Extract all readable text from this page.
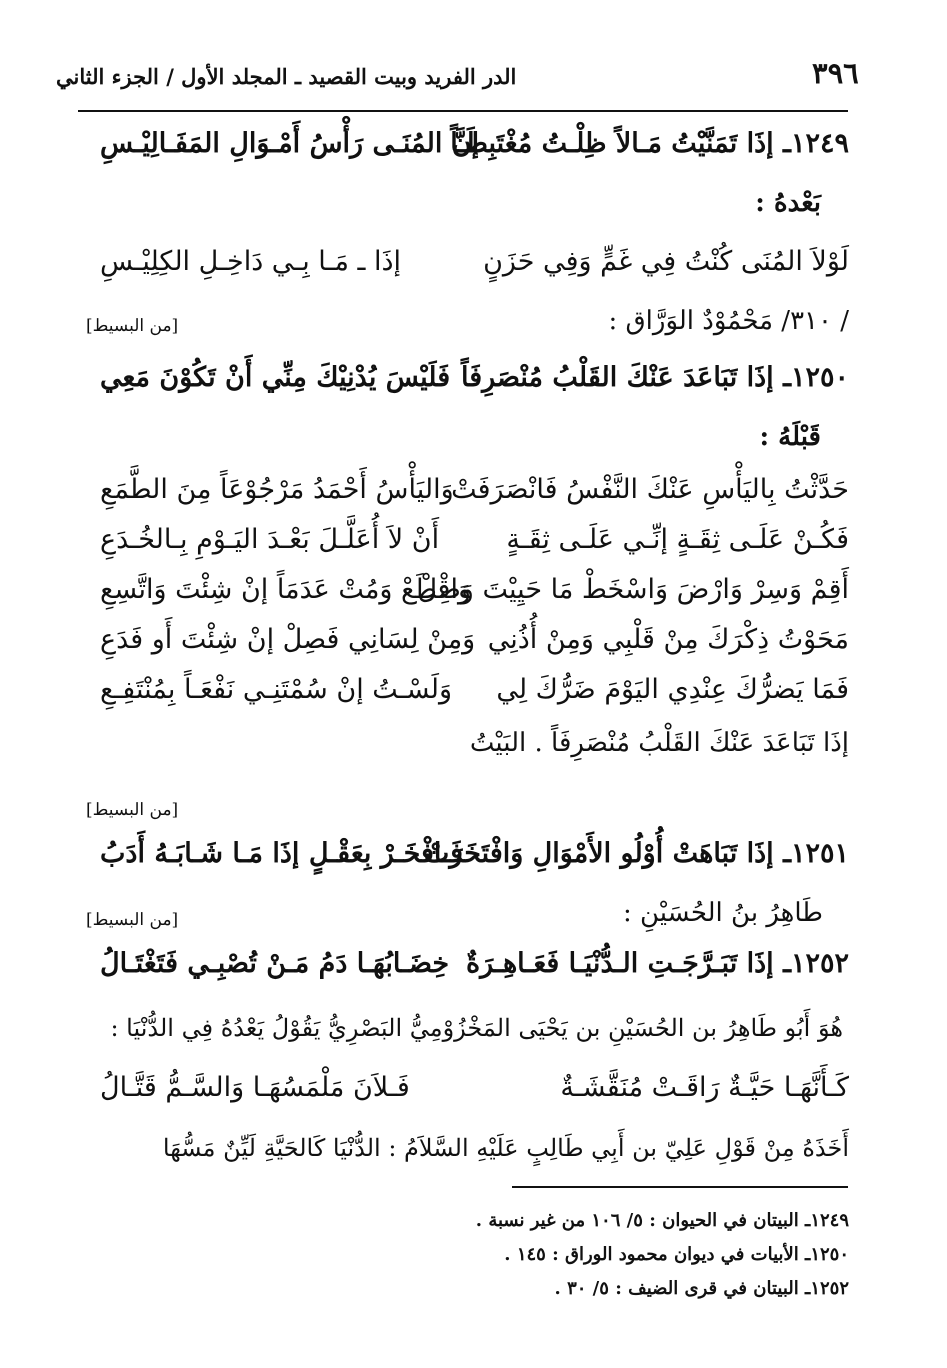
٣٩٦
الدر الفريد وبيت القصيد ـ المجلد الأول / الجزء الثاني
١٢٤٩ـ إذَا تَمَنَّيْتُ مَـالاً ظِلْـتُ مُغْتَبِطَـاً
إنَّ المُنَـى رَأْسُ أَمْـوَالِ المَفَـالِيْـسِ
بَعْدهُ :
لَوْلاَ المُنَى كُنْتُ فِي غَمٍّ وَفِي حَزَنٍ
إذَا ـ مَـا بِـي دَاخِـلِ الكِلِيْـسِ
/ ٣١٠/ مَحْمُوْدٌ الوَرَّاق :
[من البسيط]
١٢٥٠ـ إذَا تَبَاعَدَ عَنْكَ القَلْبُ مُنْصَرِفَاً
فَلَيْسَ يُدْنِيْكَ مِنِّي أَنْ تَكُوْنَ مَعِي
قَبْلَهُ :
حَدَّثْتُ بِاليَأْسِ عَنْكَ النَّفْسُ فَانْصَرَفَتْ
وَاليَأْسُ أَحْمَدُ مَرْجُوْعَاً مِنَ الطَّمَعِ
فَكُـنْ عَلَـى ثِقَـةٍ إنِّـي عَلَـى ثِقَـةٍ
أَنْ لاَ أُعَلَّـلَ بَعْـدَ اليَـوْمِ بِـالخُـدَعِ
أَقِمْ وَسِرْ وَارْضَ وَاسْخَطْ مَا حَيِيْتَ وَصِلْ
وَاقْطَعْ وَمُتْ عَدَمَاً إنْ شِئْتَ وَاتَّسِعِ
مَحَوْتُ ذِكْرَكَ مِنْ قَلْبِي وَمِنْ أُذُنِي
وَمِنْ لِسَانِي فَصِلْ إنْ شِئْتَ أَو فَدَعِ
فَمَا يَضرُّكَ عِنْدِي اليَوْمَ ضَرُّكَ لِي
وَلَسْـتُ إنْ سُمْتَنِـي نَفْعَـاً بِمُنْتَفِـعِ
إذَا تَبَاعَدَ عَنْكَ القَلْبُ مُنْصَرِفَاً . البَيْتُ
[من البسيط]
١٢٥١ـ إذَا تَبَاهَتْ أُوْلُو الأَمْوَالِ وَافْتَخَرَتْ
فَـافْخَـرْ بِعَقْـلٍ إذَا مَـا شَـابَـهُ أَدَبُ
طَاهِرُ بنُ الحُسَيْنِ :
[من البسيط]
١٢٥٢ـ إذَا تَبَـرَّجَـتِ الـدُّنْيَـا فَعَـاهِـرَةٌ
خِضَـابُهَـا دَمُ مَـنْ تُصْبِـي فَتَغْتَـالُ
هُوَ أَبُو طَاهِرُ بن الحُسَيْنِ بن يَحْيَى المَخْزُوْمِيُّ البَصْرِيُّ يَقُوْلُ يَعْدُهُ فِي الدُّنْيَا :
كَـأَنَّهَـا حَيَّـةٌ رَاقَـتْ مُنَقَّشَـةٌ
فَـلاَنَ مَلْمَسُهَـا وَالسَّـمُّ قَتَّـالُ
أَخَذَهُ مِنْ قَوْلِ عَلِيّ بن أَبِي طَالِبٍ عَلَيْهِ السَّلاَمُ : الدُّنْيَا كَالحَيَّةِ لَيِّنٌ مَسُّهَا
١٢٤٩ـ البيتان في الحيوان : ٥/ ١٠٦ من غير نسبة .
١٢٥٠ـ الأبيات في ديوان محمود الوراق : ١٤٥ .
١٢٥٢ـ البيتان في قرى الضيف : ٥/ ٣٠ .
